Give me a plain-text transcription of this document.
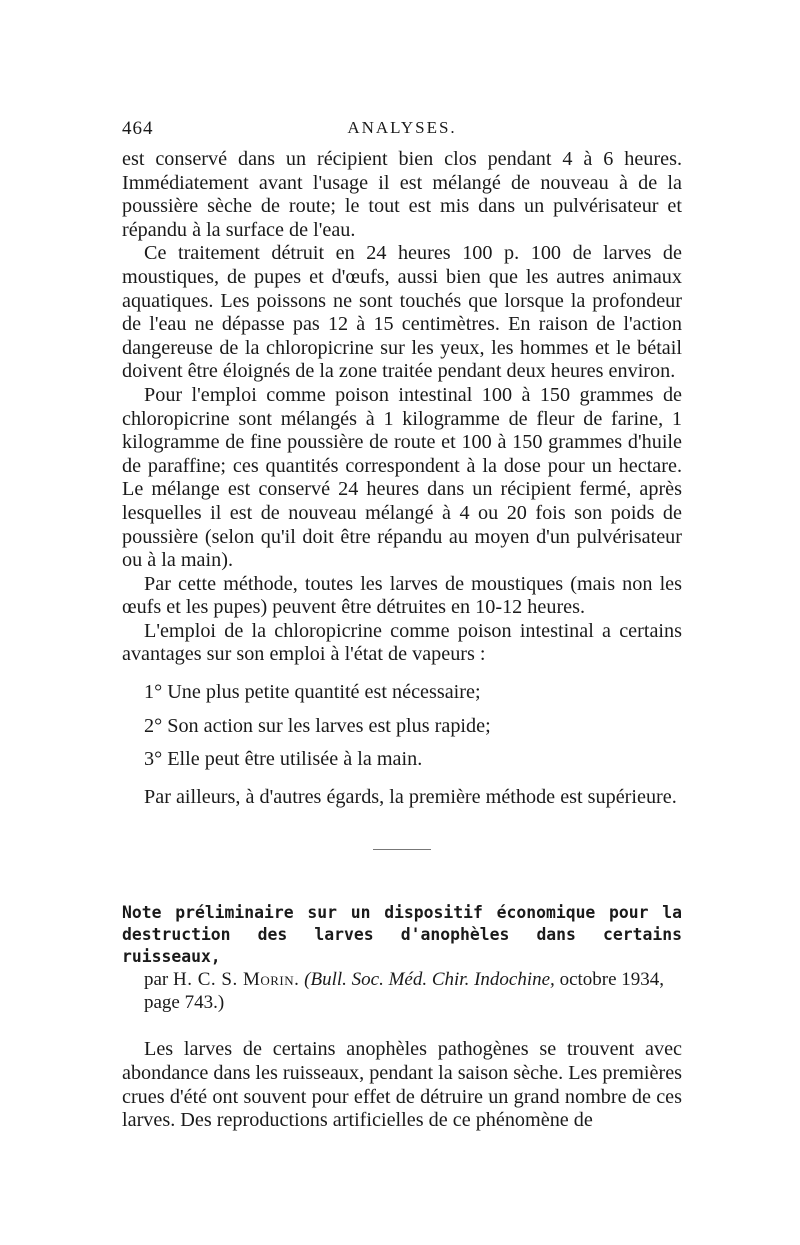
464	ANALYSES.

est conservé dans un récipient bien clos pendant 4 à 6 heures. Immédiatement avant l'usage il est mélangé de nouveau à de la poussière sèche de route; le tout est mis dans un pulvérisateur et répandu à la surface de l'eau.

Ce traitement détruit en 24 heures 100 p. 100 de larves de moustiques, de pupes et d'œufs, aussi bien que les autres animaux aquatiques. Les poissons ne sont touchés que lorsque la profondeur de l'eau ne dépasse pas 12 à 15 centimètres. En raison de l'action dangereuse de la chloropicrine sur les yeux, les hommes et le bétail doivent être éloignés de la zone traitée pendant deux heures environ.

Pour l'emploi comme poison intestinal 100 à 150 grammes de chloropicrine sont mélangés à 1 kilogramme de fleur de farine, 1 kilogramme de fine poussière de route et 100 à 150 grammes d'huile de paraffine; ces quantités correspondent à la dose pour un hectare. Le mélange est conservé 24 heures dans un récipient fermé, après lesquelles il est de nouveau mélangé à 4 ou 20 fois son poids de poussière (selon qu'il doit être répandu au moyen d'un pulvérisateur ou à la main).

Par cette méthode, toutes les larves de moustiques (mais non les œufs et les pupes) peuvent être détruites en 10-12 heures.

L'emploi de la chloropicrine comme poison intestinal a certains avantages sur son emploi à l'état de vapeurs :

1° Une plus petite quantité est nécessaire;
2° Son action sur les larves est plus rapide;
3° Elle peut être utilisée à la main.

Par ailleurs, à d'autres égards, la première méthode est supérieure.

Note préliminaire sur un dispositif économique pour la destruction des larves d'anophèles dans certains ruisseaux,

par H. C. S. Morin. (Bull. Soc. Méd. Chir. Indochine, octobre 1934, page 743.)

Les larves de certains anophèles pathogènes se trouvent avec abondance dans les ruisseaux, pendant la saison sèche. Les premières crues d'été ont souvent pour effet de détruire un grand nombre de ces larves. Des reproductions artificielles de ce phénomène de
